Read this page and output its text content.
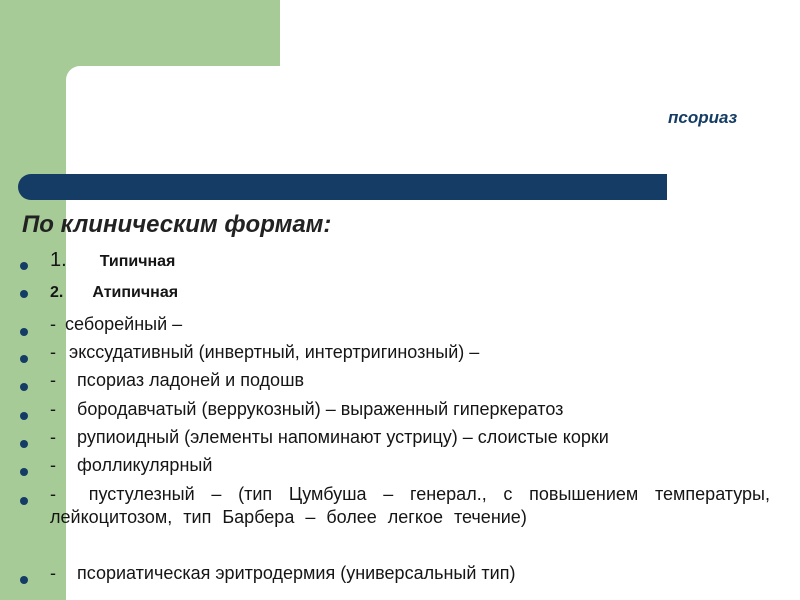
псориаз
По клиническим формам:
1. Типичная
2. Атипичная
- себорейный –
- экссудативный (инвертный, интертригинозный) –
- псориаз ладоней и подошв
- бородавчатый (веррукозный) – выраженный гиперкератоз
- рупиоидный (элементы напоминают устрицу) – слоистые корки
- фолликулярный
- пустулезный – (тип Цумбуша – генерал., с повышением температуры, лейкоцитозом, тип Барбера – более легкое течение)
- псориатическая эритродермия (универсальный тип)
